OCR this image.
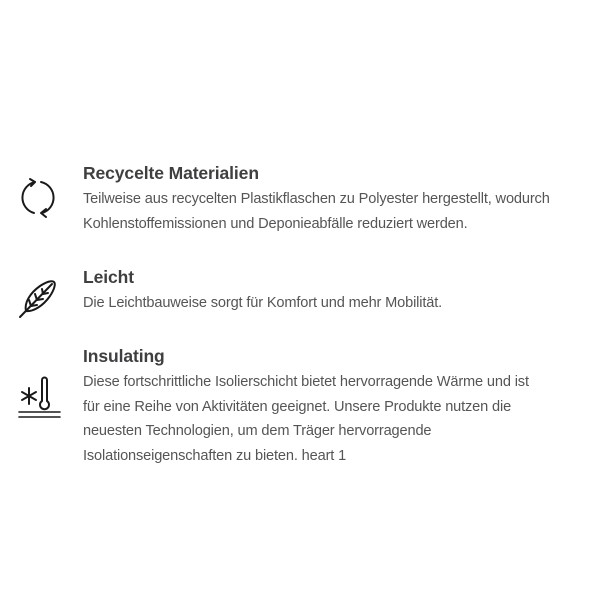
Recycelte Materialien

Teilweise aus recycelten Plastikflaschen zu Polyester hergestellt, wodurch
Kohlenstoffemissionen und Deponieabfälle reduziert werden.

Leicht

Die Leichtbauweise sorgt für Komfort und mehr Mobilität.

Insulating

Diese fortschrittliche Isolierschicht bietet hervorragende Wärme und ist
für eine Reihe von Aktivitäten geeignet. Unsere Produkte nutzen die
neuesten Technologien, um dem Träger hervorragende
Isolationseigenschaften zu bieten. heart 1
